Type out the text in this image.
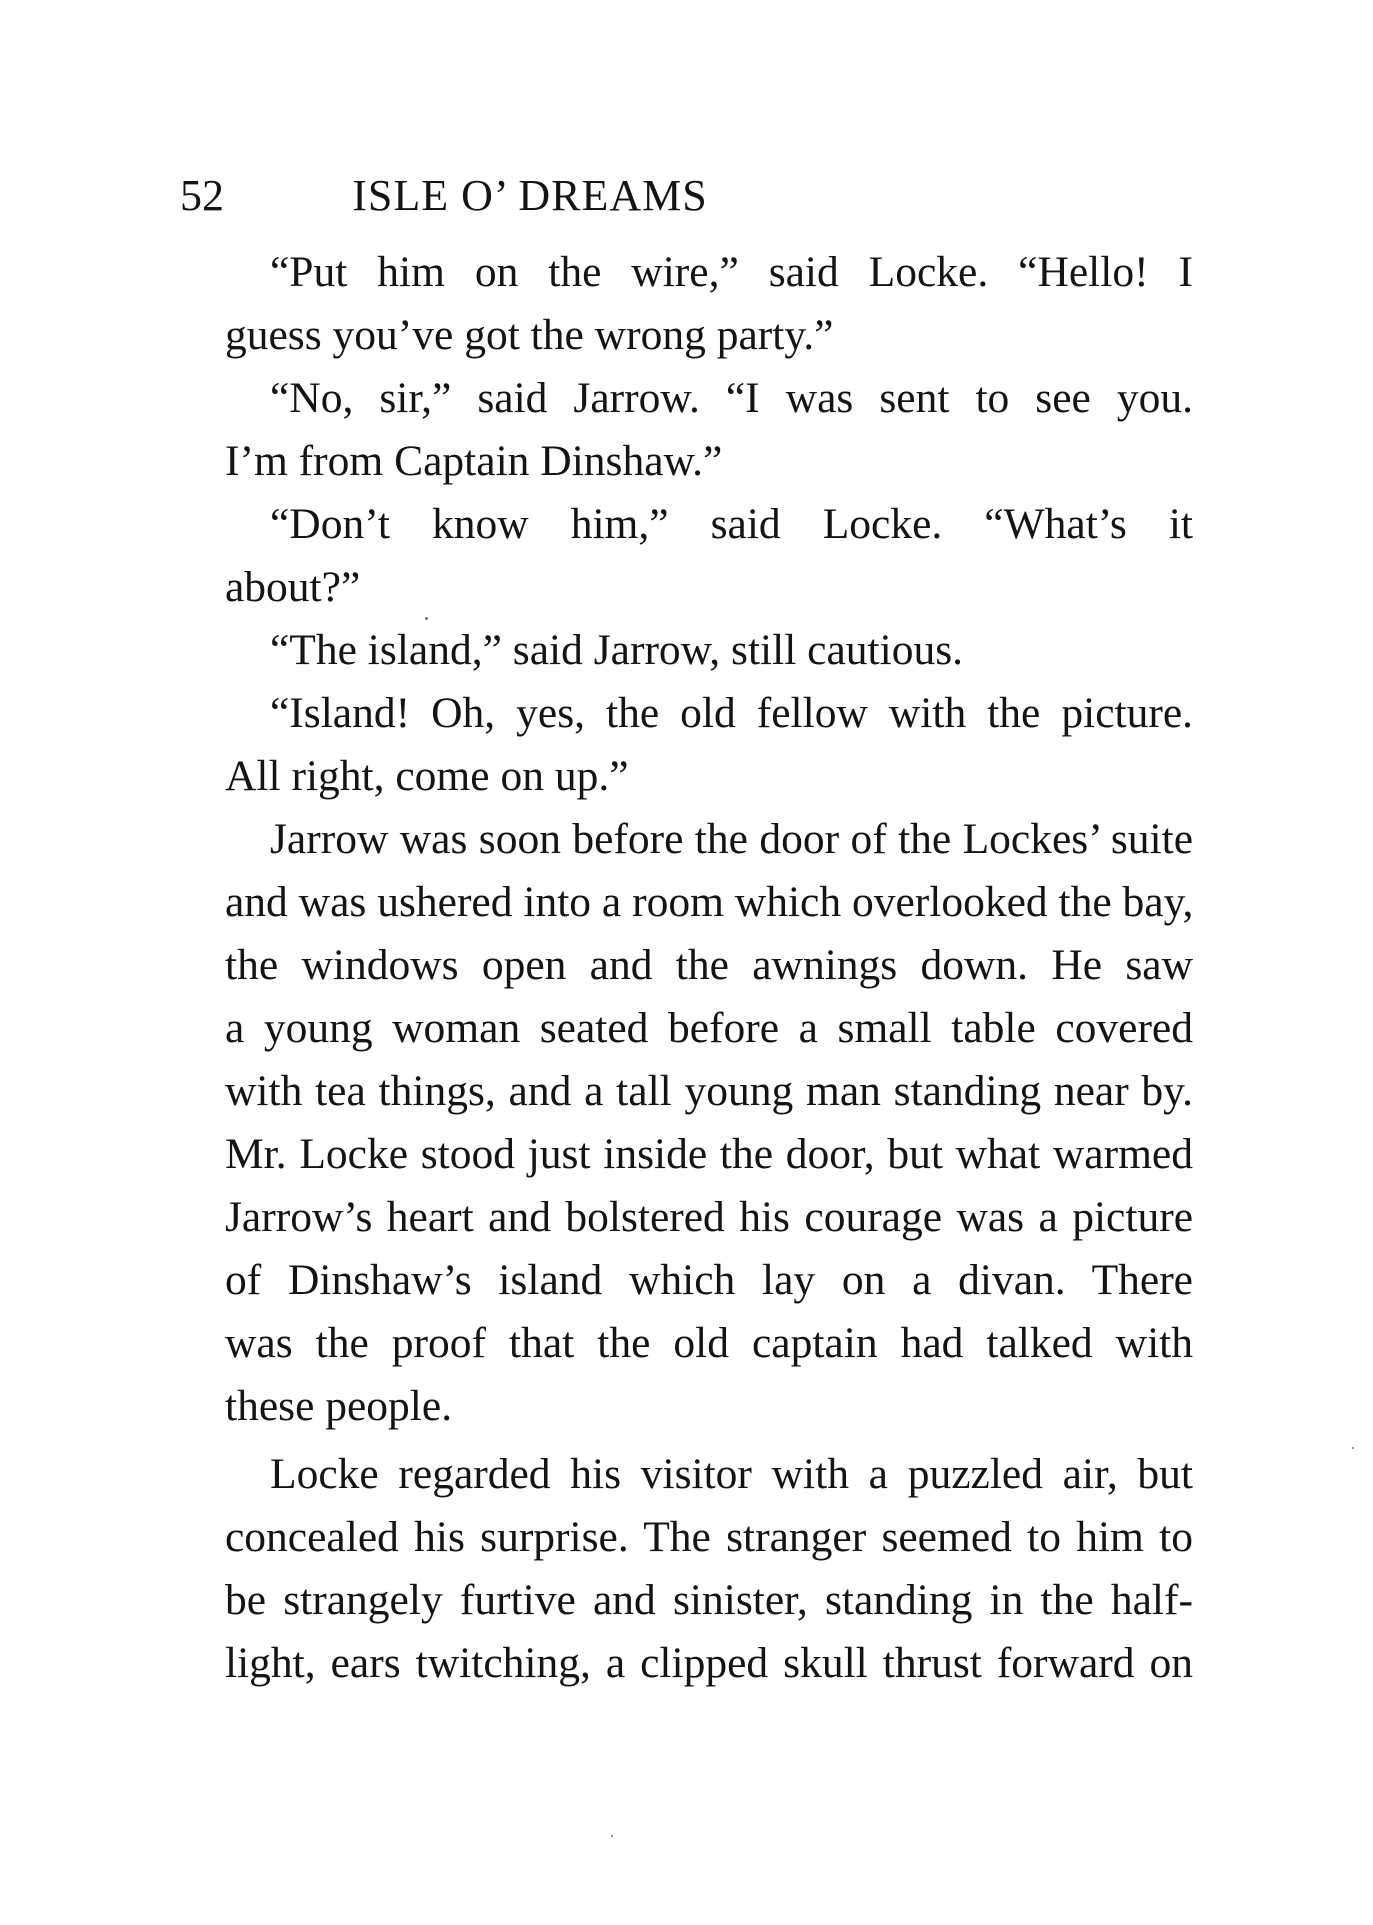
52	ISLE O’ DREAMS
“Put him on the wire,” said Locke. “Hello! I
guess you’ve got the wrong party.”
“No, sir,” said Jarrow. “I was sent to see you.
I’m from Captain Dinshaw.”
“Don’t know him,” said Locke. “What’s it
about?”
“The island,” said Jarrow, still cautious.
“Island! Oh, yes, the old fellow with the picture.
All right, come on up.”
Jarrow was soon before the door of the Lockes’ suite
and was ushered into a room which overlooked the bay,
the windows open and the awnings down. He saw
a young woman seated before a small table covered
with tea things, and a tall young man standing near by.
Mr. Locke stood just inside the door, but what warmed
Jarrow’s heart and bolstered his courage was a picture
of Dinshaw’s island which lay on a divan. There
was the proof that the old captain had talked with
these people.
Locke regarded his visitor with a puzzled air, but
concealed his surprise. The stranger seemed to him to
be strangely furtive and sinister, standing in the half-
light, ears twitching, a clipped skull thrust forward on
